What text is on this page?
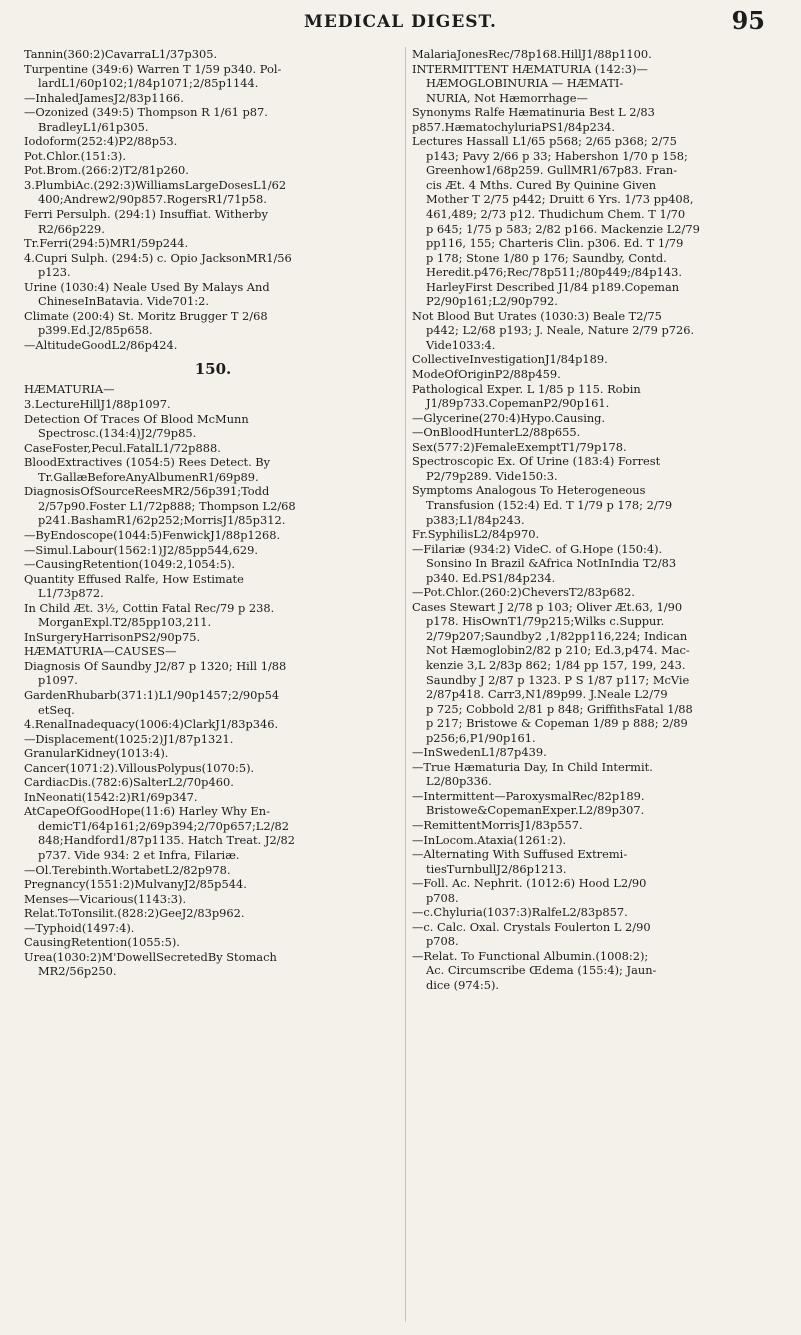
MEDICAL DIGEST.	95
Tannin(360:2)CavarraL1/37p305.
Turpentine (349:6) Warren T 1/59 p340. Pol-
lardL1/60p102;1/84p1071;2/85p1144.
—InhaledJamesJ2/83p1166.
—Ozonized (349:5) Thompson R 1/61 p87.
BradleyL1/61p305.
Iodoform(252:4)P2/88p53.
Pot.Chlor.(151:3).
Pot.Brom.(266:2)T2/81p260.
3.PlumbiAc.(292:3)WilliamsLargeDosesL1/62
400;Andrew2/90p857.RogersR1/71p58.
Ferri Persulph. (294:1) Insuffiat. Witherby
R2/66p229.
Tr.Ferri(294:5)MR1/59p244.
4.Cupri Sulph. (294:5) c. Opio JacksonMR1/56
p123.
Urine (1030:4) Neale Used By Malays And
ChineseInBatavia. Vide701:2.
Climate (200:4) St. Moritz Brugger T 2/68
p399.Ed.J2/85p658.
—AltitudeGoodL2/86p424.
150.
HÆMATURIA—
3.LectureHillJ1/88p1097.
Detection Of Traces Of Blood McMunn
Spectrosc.(134:4)J2/79p85.
CaseFoster,Pecul.FatalL1/72p888.
BloodExtractives (1054:5) Rees Detect. By
Tr.GallæBeforeAnyAlbumenR1/69p89.
DiagnosisOfSourceReesMR2/56p391;Todd
2/57p90.Foster L1/72p888; Thompson L2/68
p241.BashamR1/62p252;MorrisJ1/85p312.
—ByEndoscope(1044:5)FenwickJ1/88p1268.
—Simul.Labour(1562:1)J2/85pp544,629.
—CausingRetention(1049:2,1054:5).
Quantity Effused Ralfe, How Estimate
L1/73p872.
In Child Æt. 3½, Cottin Fatal Rec/79 p 238.
MorganExpl.T2/85pp103,211.
InSurgeryHarrisonPS2/90p75.
HÆMATURIA—CAUSES—
Diagnosis Of Saundby J2/87 p 1320; Hill 1/88
p1097.
GardenRhubarb(371:1)L1/90p1457;2/90p54
etSeq.
4.RenalInadequacy(1006:4)ClarkJ1/83p346.
—Displacement(1025:2)J1/87p1321.
GranularKidney(1013:4).
Cancer(1071:2).VillousPolypus(1070:5).
CardiacDis.(782:6)SalterL2/70p460.
InNeonati(1542:2)R1/69p347.
AtCapeOfGoodHope(11:6) Harley Why En-
demicT1/64p161;2/69p394;2/70p657;L2/82
848;Handford1/87p1135. Hatch Treat. J2/82
p737. Vide 934: 2 et Infra, Filariæ.
—Ol.Terebinth.WortabetL2/82p978.
Pregnancy(1551:2)MulvanyJ2/85p544.
Menses—Vicarious(1143:3).
Relat.ToTonsilit.(828:2)GeeJ2/83p962.
—Typhoid(1497:4).
CausingRetention(1055:5).
Urea(1030:2)M'DowellSecretedBy Stomach
MR2/56p250.
MalariaJonesRec/78p168.HillJ1/88p1100.
INTERMITTENT HÆMATURIA (142:3)—
HÆMOGLOBINURIA — HÆMATI-
NURIA, Not Hæmorrhage—
Synonyms Ralfe Hæmatinuria Best L 2/83
p857.HæmatochyluriaPS1/84p234.
Lectures Hassall L1/65 p568; 2/65 p368; 2/75
p143; Pavy 2/66 p 33; Habershon 1/70 p 158;
Greenhow1/68p259. GullMR1/67p83. Fran-
cis Æt. 4 Mths. Cured By Quinine Given
Mother T 2/75 p442; Druitt 6 Yrs. 1/73 pp408,
461,489; 2/73 p12. Thudichum Chem. T 1/70
p 645; 1/75 p 583; 2/82 p166. Mackenzie L2/79
pp116, 155; Charteris Clin. p306. Ed. T 1/79
p 178; Stone 1/80 p 176; Saundby, Contd.
Heredit.p476;Rec/78p511;/80p449;/84p143.
HarleyFirst Described J1/84 p189.Copeman
P2/90p161;L2/90p792.
Not Blood But Urates (1030:3) Beale T2/75
p442; L2/68 p193; J. Neale, Nature 2/79 p726.
Vide1033:4.
CollectiveInvestigationJ1/84p189.
ModeOfOriginP2/88p459.
Pathological Exper. L 1/85 p 115. Robin
J1/89p733.CopemanP2/90p161.
—Glycerine(270:4)Hypo.Causing.
—OnBloodHunterL2/88p655.
Sex(577:2)FemaleExemptT1/79p178.
Spectroscopic Ex. Of Urine (183:4) Forrest
P2/79p289. Vide150:3.
Symptoms Analogous To Heterogeneous
Transfusion (152:4) Ed. T 1/79 p 178; 2/79
p383;L1/84p243.
Fr.SyphilisL2/84p970.
—Filariæ (934:2) VideC. of G.Hope (150:4).
Sonsino In Brazil &Africa NotInIndia T2/83
p340. Ed.PS1/84p234.
—Pot.Chlor.(260:2)CheversT2/83p682.
Cases Stewart J 2/78 p 103; Oliver Æt.63, 1/90
p178. HisOwnT1/79p215;Wilks c.Suppur.
2/79p207;Saundby2 ,1/82pp116,224; Indican
Not Hæmoglobin2/82 p 210; Ed.3,p474. Mac-
kenzie 3,L 2/83p 862; 1/84 pp 157, 199, 243.
Saundby J 2/87 p 1323. P S 1/87 p117; McVie
2/87p418. Carr3,N1/89p99. J.Neale L2/79
p 725; Cobbold 2/81 p 848; GriffithsFatal 1/88
p 217; Bristowe & Copeman 1/89 p 888; 2/89
p256;6,P1/90p161.
—InSwedenL1/87p439.
—True Hæmaturia Day, In Child Intermit.
L2/80p336.
—Intermittent—ParoxysmalRec/82p189.
Bristowe&CopemanExper.L2/89p307.
—RemittentMorrisJ1/83p557.
—InLocom.Ataxia(1261:2).
—Alternating With Suffused Extremi-
tiesTurnbullJ2/86p1213.
—Foll. Ac. Nephrit. (1012:6) Hood L2/90
p708.
—c.Chyluria(1037:3)RalfeL2/83p857.
—c. Calc. Oxal. Crystals Foulerton L 2/90
p708.
—Relat. To Functional Albumin.(1008:2);
Ac. Circumscribe Œdema (155:4); Jaun-
dice (974:5).
